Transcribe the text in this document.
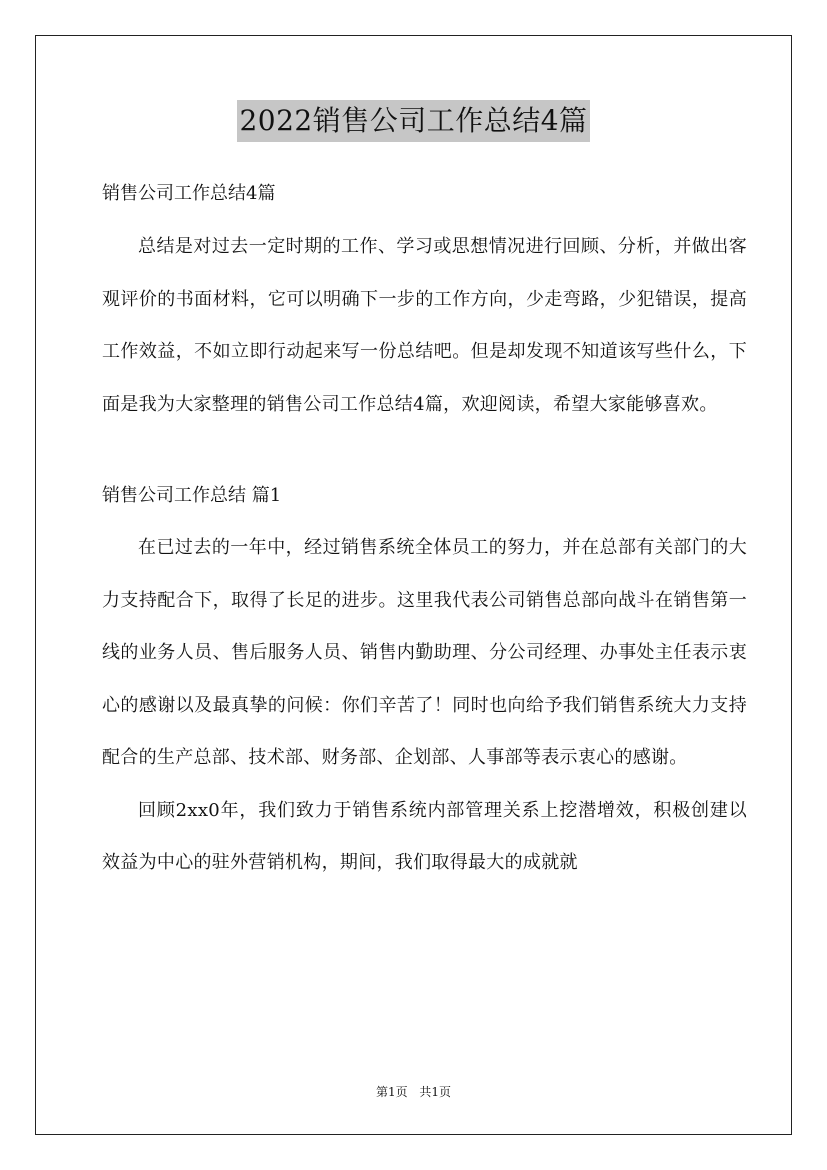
2022销售公司工作总结4篇

销售公司工作总结4篇

总结是对过去一定时期的工作、学习或思想情况进行回顾、分析，并做出客观评价的书面材料，它可以明确下一步的工作方向，少走弯路，少犯错误，提高工作效益，不如立即行动起来写一份总结吧。但是却发现不知道该写些什么，下面是我为大家整理的销售公司工作总结4篇，欢迎阅读，希望大家能够喜欢。

销售公司工作总结 篇1

在已过去的一年中，经过销售系统全体员工的努力，并在总部有关部门的大力支持配合下，取得了长足的进步。这里我代表公司销售总部向战斗在销售第一线的业务人员、售后服务人员、销售内勤助理、分公司经理、办事处主任表示衷心的感谢以及最真挚的问候：你们辛苦了！同时也向给予我们销售系统大力支持配合的生产总部、技术部、财务部、企划部、人事部等表示衷心的感谢。

回顾2xx0年，我们致力于销售系统内部管理关系上挖潜增效，积极创建以效益为中心的驻外营销机构，期间，我们取得最大的成就就

第1页 共1页
